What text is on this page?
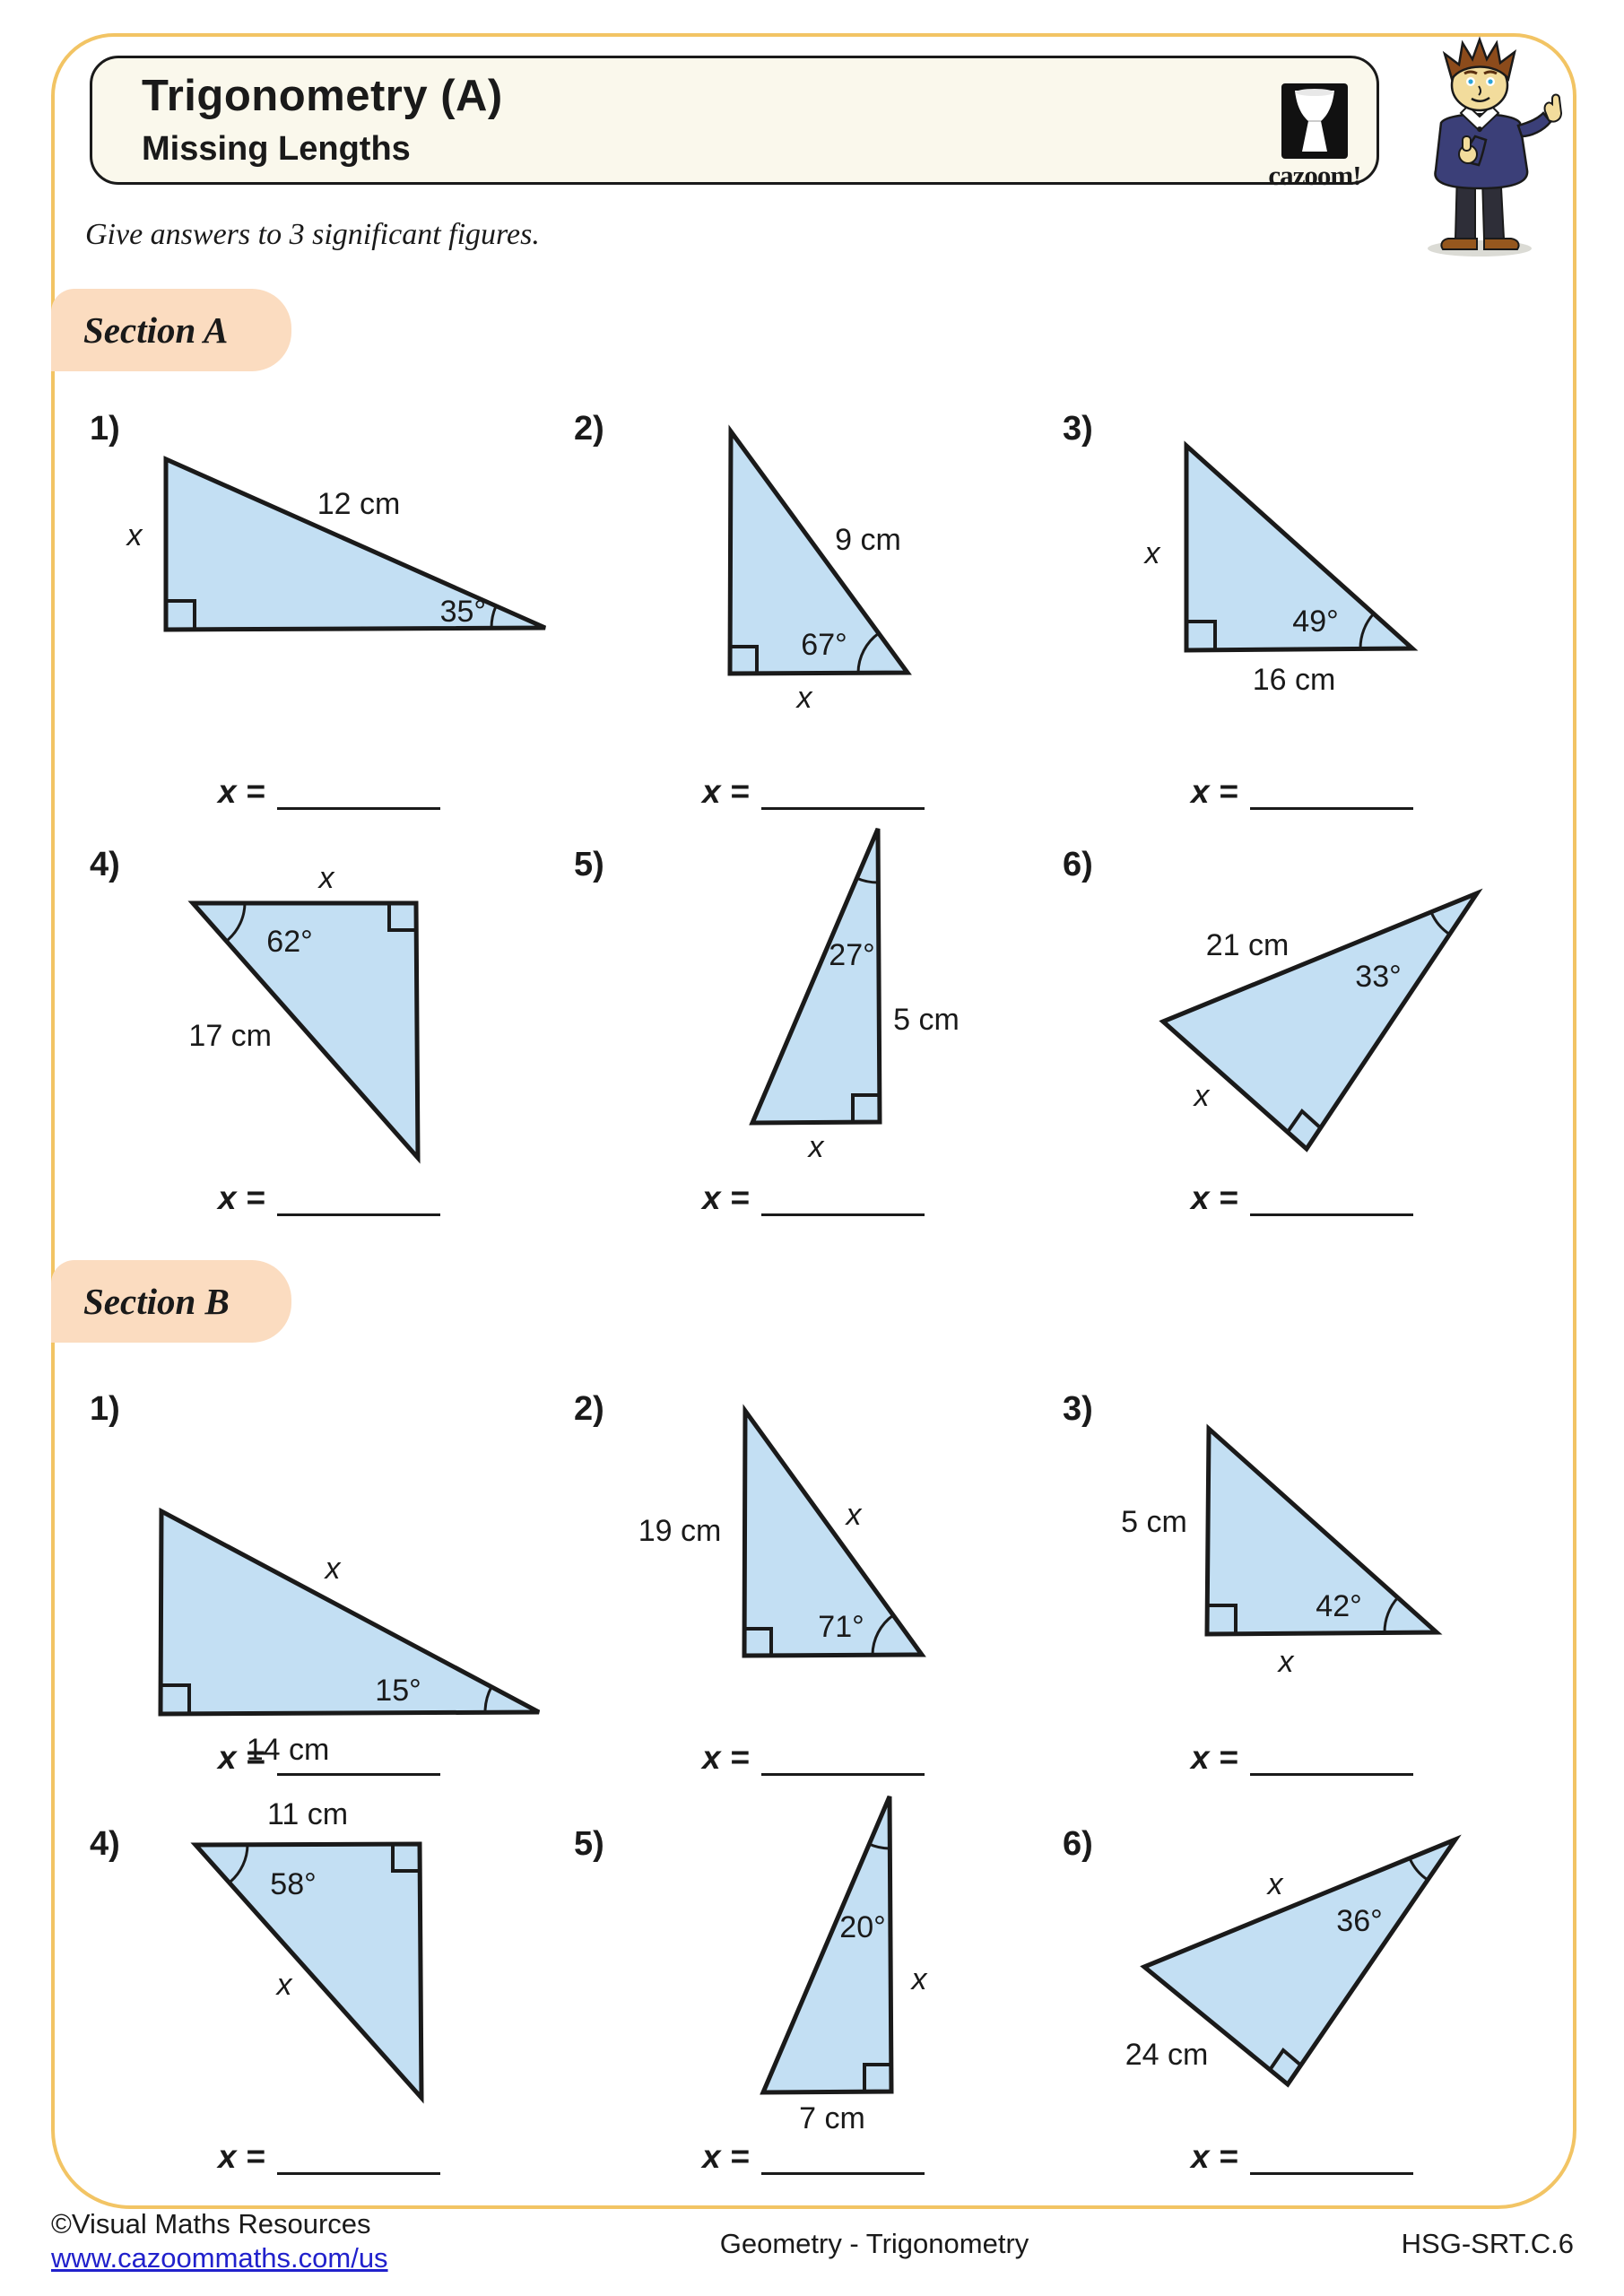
Trigonometry (A)
Missing Lengths
cazoom!
Give answers to 3 significant figures.
Section A
1)
12 cm
x
35°
x =
2)
9 cm
67°
x
x =
3)
x
49°
16 cm
x =
4)	x
62°
17 cm
x =
5)
27°
5 cm
x
x =
6)
21 cm
33°
x
x =
Section B
1)
x
15°
14 cm
x =
2)
19 cm	x
71°
x =
3)
5 cm
42°
x
x =
4)
11 cm
58°
x
x =
5)
20°
x
7 cm
x =
6)
x
36°
24 cm
x =
©Visual Maths Resources
www.cazoommaths.com/us	Geometry - Trigonometry	HSG-SRT.C.6
